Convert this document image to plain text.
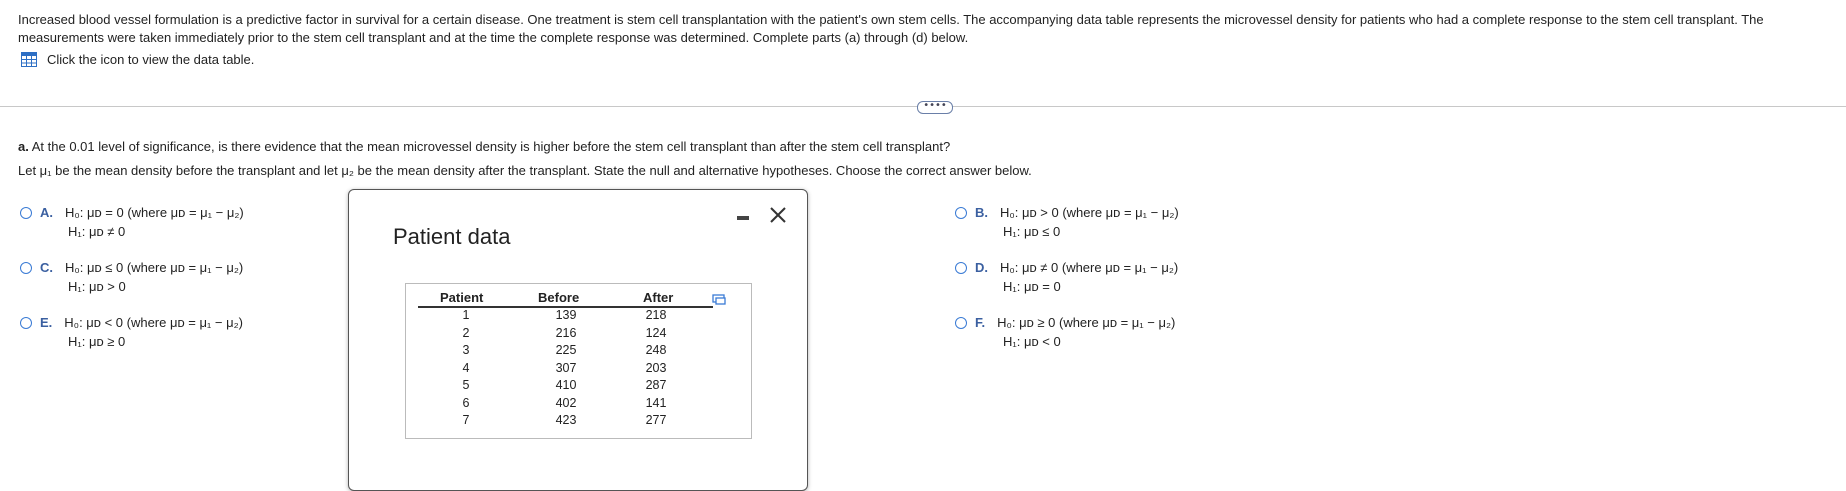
Increased blood vessel formulation is a predictive factor in survival for a certain disease. One treatment is stem cell transplantation with the patient's own stem cells. The accompanying data table represents the microvessel density for patients who had a complete response to the stem cell transplant. The measurements were taken immediately prior to the stem cell transplant and at the time the complete response was determined. Complete parts (a) through (d) below.
Click the icon to view the data table.
••••
a. At the 0.01 level of significance, is there evidence that the mean microvessel density is higher before the stem cell transplant than after the stem cell transplant?
Let μ₁ be the mean density before the transplant and let μ₂ be the mean density after the transplant. State the null and alternative hypotheses. Choose the correct answer below.
A. H₀: μᴅ = 0 (where μᴅ = μ₁ − μ₂)
H₁: μᴅ ≠ 0
B. H₀: μᴅ > 0 (where μᴅ = μ₁ − μ₂)
H₁: μᴅ ≤ 0
C. H₀: μᴅ ≤ 0 (where μᴅ = μ₁ − μ₂)
H₁: μᴅ > 0
D. H₀: μᴅ ≠ 0 (where μᴅ = μ₁ − μ₂)
H₁: μᴅ = 0
E. H₀: μᴅ < 0 (where μᴅ = μ₁ − μ₂)
H₁: μᴅ ≥ 0
F. H₀: μᴅ ≥ 0 (where μᴅ = μ₁ − μ₂)
H₁: μᴅ < 0
Patient data
Patient	Before	After
1	139	218
2	216	124
3	225	248
4	307	203
5	410	287
6	402	141
7	423	277
